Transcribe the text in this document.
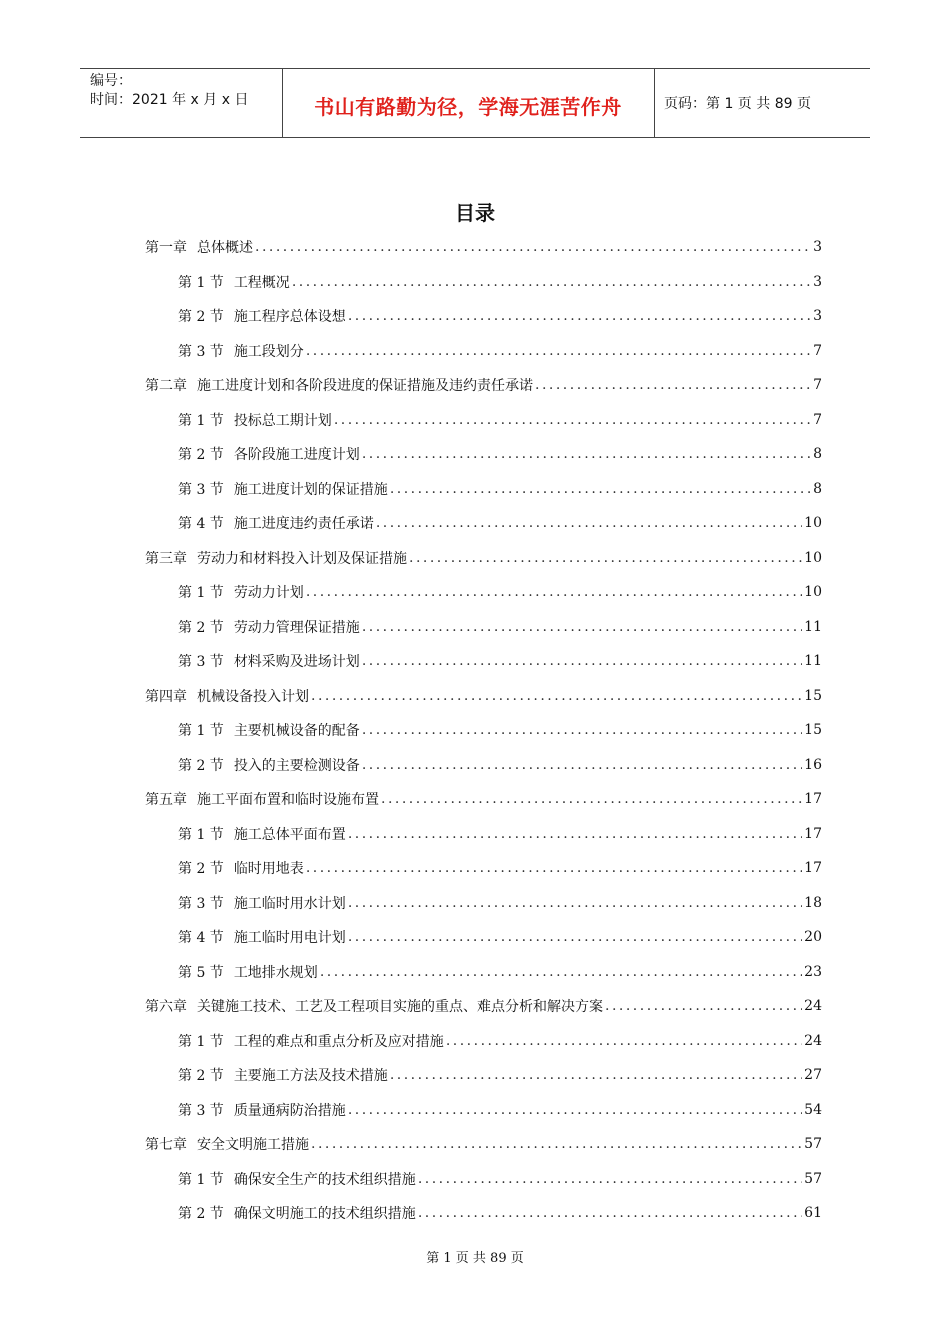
编号：
时间：2021 年 x 月 x 日	书山有路勤为径，学海无涯苦作舟	页码：第 1 页 共 89 页
目录
第一章 总体概述 .....	3
第 1 节 工程概况 .....	3
第 2 节 施工程序总体设想 .....	3
第 3 节 施工段划分 .....	7
第二章 施工进度计划和各阶段进度的保证措施及违约责任承诺 .....	7
第 1 节 投标总工期计划 .....	7
第 2 节 各阶段施工进度计划 .....	8
第 3 节 施工进度计划的保证措施 .....	8
第 4 节 施工进度违约责任承诺 .....	10
第三章 劳动力和材料投入计划及保证措施 .....	10
第 1 节 劳动力计划 .....	10
第 2 节 劳动力管理保证措施 .....	11
第 3 节 材料采购及进场计划 .....	11
第四章 机械设备投入计划 .....	15
第 1 节 主要机械设备的配备 .....	15
第 2 节 投入的主要检测设备 .....	16
第五章 施工平面布置和临时设施布置 .....	17
第 1 节 施工总体平面布置 .....	17
第 2 节 临时用地表 .....	17
第 3 节 施工临时用水计划 .....	18
第 4 节 施工临时用电计划 .....	20
第 5 节 工地排水规划 .....	23
第六章 关键施工技术、工艺及工程项目实施的重点、难点分析和解决方案 .....	24
第 1 节 工程的难点和重点分析及应对措施 .....	24
第 2 节 主要施工方法及技术措施 .....	27
第 3 节 质量通病防治措施 .....	54
第七章 安全文明施工措施 .....	57
第 1 节 确保安全生产的技术组织措施 .....	57
第 2 节 确保文明施工的技术组织措施 .....	61
第 1 页 共 89 页
